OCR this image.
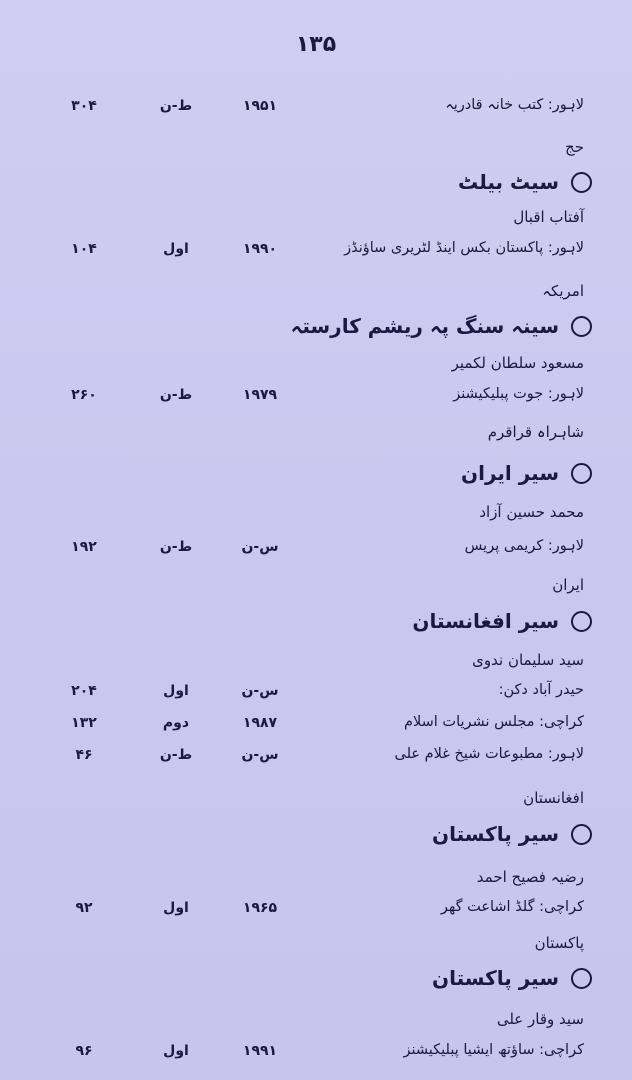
۱۳۵
لاہور: کتب خانہ قادریہ
۱۹۵۱
ط-ن
۳۰۴
حج
سیٹ بیلٹ
آفتاب اقبال
لاہور: پاکستان بکس اینڈ لٹریری ساؤنڈز
۱۹۹۰
اول
۱۰۴
امریکہ
سینہ سنگ پہ ریشم کارستہ
مسعود سلطان لکمیر
لاہور: جوت پبلیکیشنز
۱۹۷۹
ط-ن
۲۶۰
شاہراہ قراقرم
سیر ایران
محمد حسین آزاد
لاہور: کریمی پریس
س-ن
ط-ن
۱۹۲
ایران
سیر افغانستان
سید سلیمان ندوی
حیدر آباد دکن:
س-ن
اول
۲۰۴
کراچی: مجلس نشریات اسلام
۱۹۸۷
دوم
۱۳۲
لاہور: مطبوعات شیخ غلام علی
س-ن
ط-ن
۴۶
افغانستان
سیر پاکستان
رضیہ فصیح احمد
کراچی: گلڈ اشاعت گھر
۱۹۶۵
اول
۹۲
پاکستان
سیر پاکستان
سید وقار علی
کراچی: ساؤتھ ایشیا پبلیکیشنز
۱۹۹۱
اول
۹۶
